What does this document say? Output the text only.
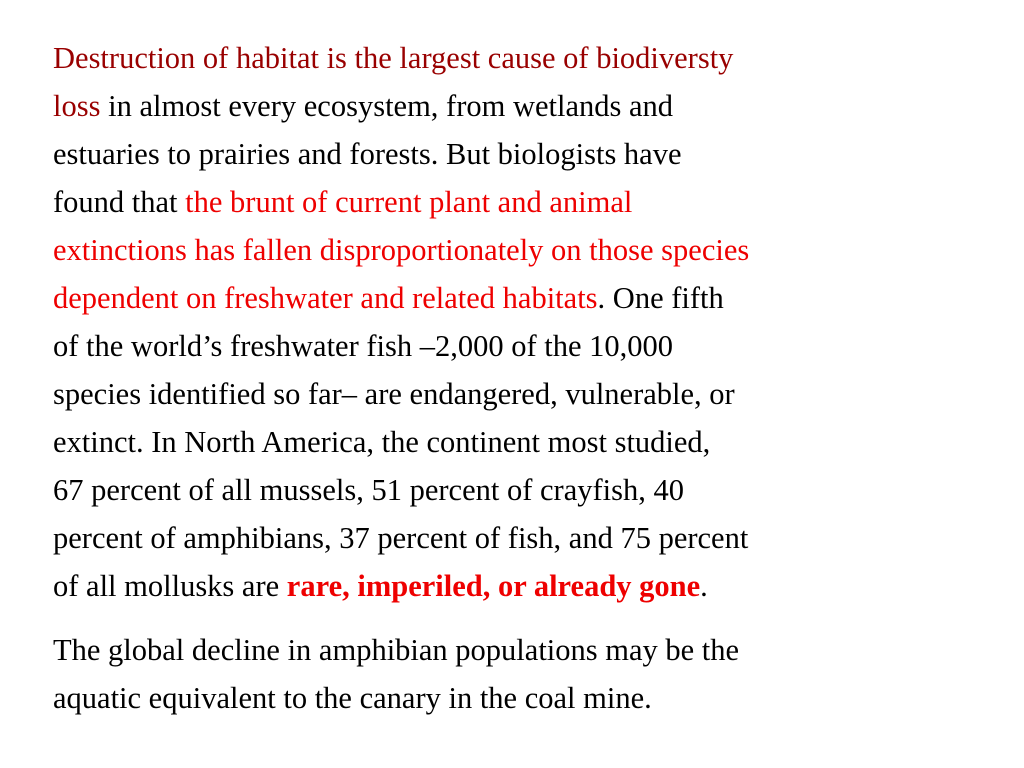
Destruction of habitat is the largest cause of biodiversty
loss in almost every ecosystem, from wetlands and
estuaries to prairies and forests. But biologists have
found that the brunt of current plant and animal
extinctions has fallen disproportionately on those species
dependent on freshwater and related habitats. One fifth
of the world’s freshwater fish –2,000 of the 10,000
species identified so far– are endangered, vulnerable, or
extinct. In North America, the continent most studied,
67 percent of all mussels, 51 percent of crayfish, 40
percent of amphibians, 37 percent of fish, and 75 percent
of all mollusks are rare, imperiled, or already gone.

The global decline in amphibian populations may be the
aquatic equivalent to the canary in the coal mine.
